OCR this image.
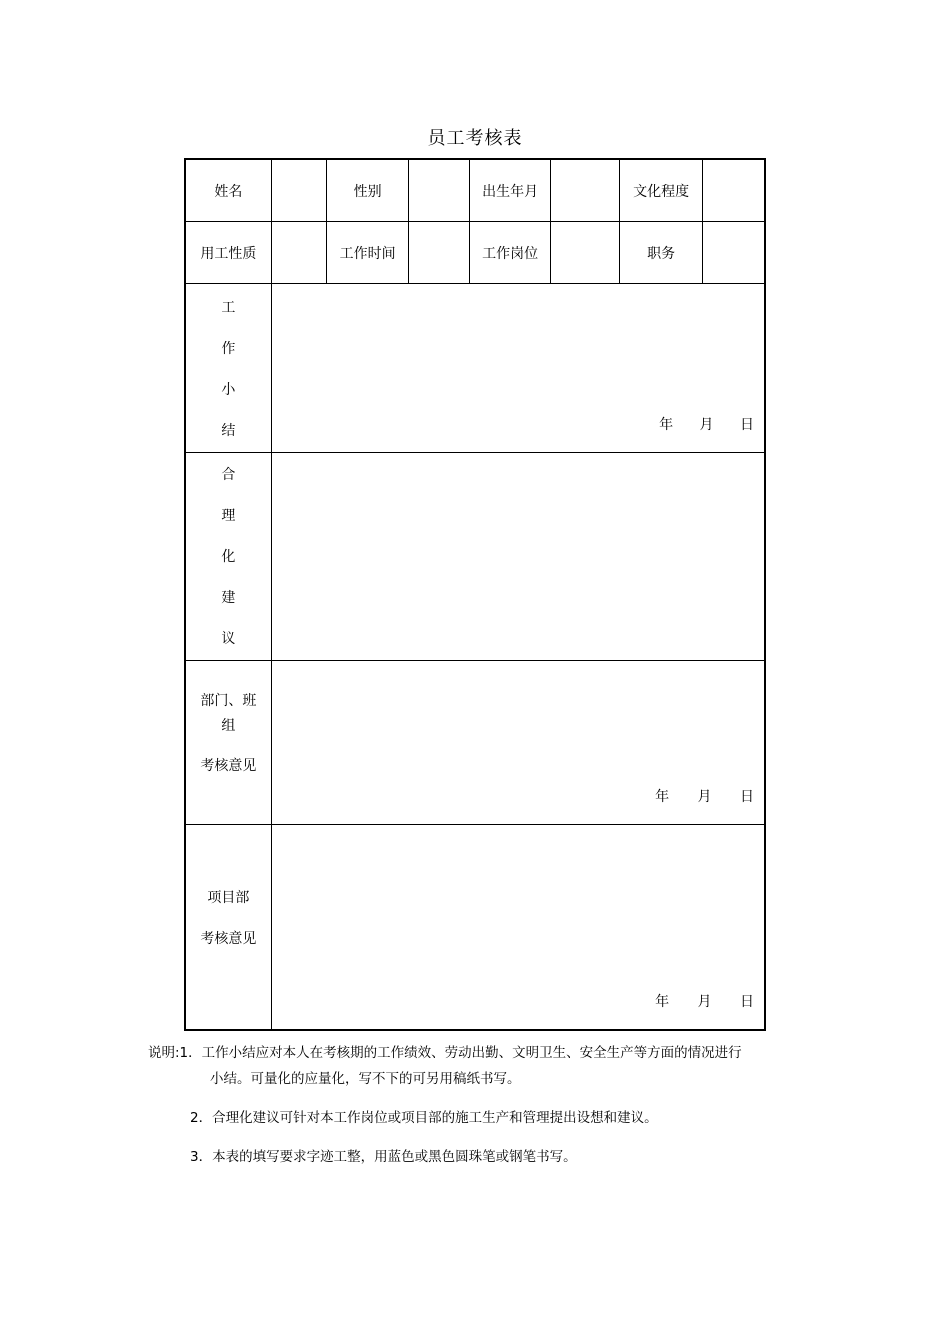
员工考核表
姓名		性别		出生年月		文化程度	
用工性质		工作时间		工作岗位		职务	

工
作
小
结	年 月 日						

合
理
化
建
议							

部门、班
组
考核意见	年 月 日						

项目部
考核意见	年 月 日						
说明:1．工作小结应对本人在考核期的工作绩效、劳动出勤、文明卫生、安全生产等方面的情况进行
小结。可量化的应量化，写不下的可另用稿纸书写。
2．合理化建议可针对本工作岗位或项目部的施工生产和管理提出设想和建议。
3．本表的填写要求字迹工整，用蓝色或黑色圆珠笔或钢笔书写。
